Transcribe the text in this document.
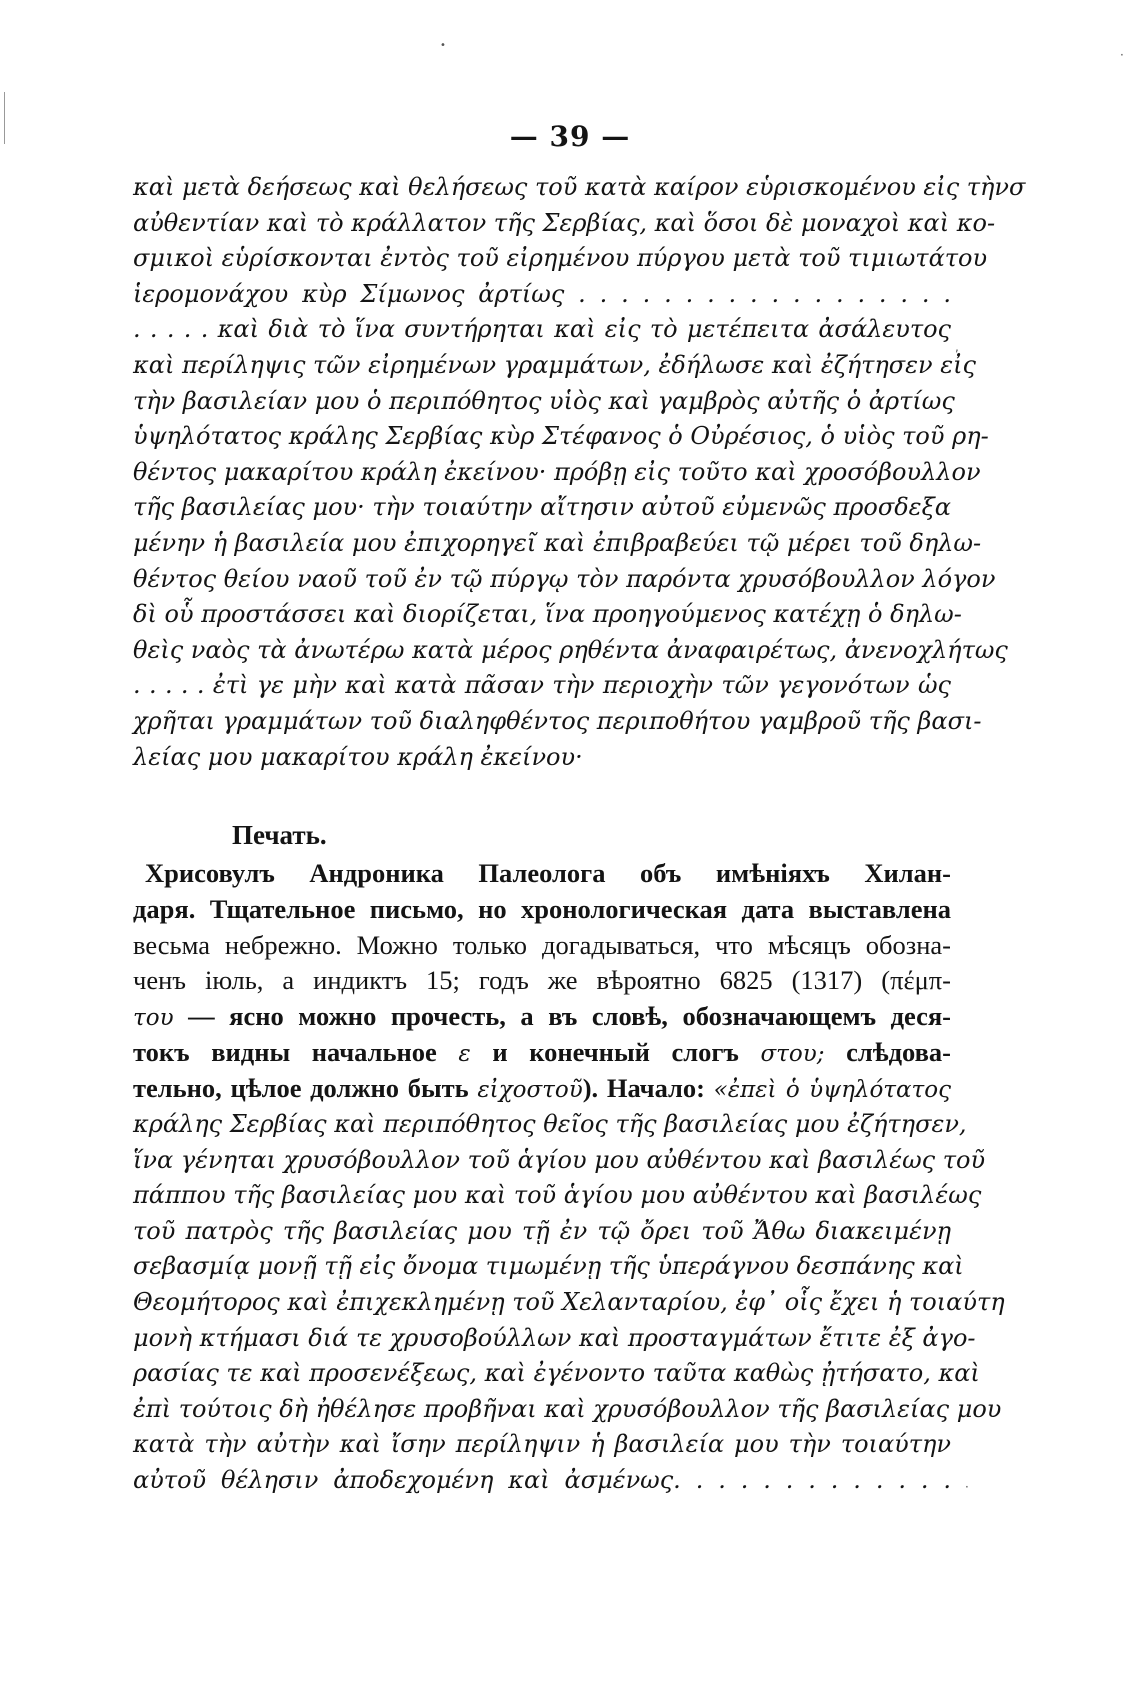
•
·
,
·
— 39 —
καὶ μετὰ δεήσεως καὶ θελήσεως τοῦ κατὰ καίρον εὑρισκομένου εἰς τὴνσ
αὐθεντίαν καὶ τὸ κράλλατον τῆς Σερβίας, καὶ ὅσοι δὲ μοναχοὶ καὶ κο-
σμικοὶ εὑρίσκονται ἐντὸς τοῦ εἰρημένου πύργου μετὰ τοῦ τιμιωτάτου
ἱερομονάχου κὺρ Σίμωνος ἀρτίως . . . . . . . . . . . . . . . . . .
. . . . . καὶ διὰ τὸ ἵνα συντήρηται καὶ εἰς τὸ μετέπειτα ἀσάλευτος
καὶ περίληψις τῶν εἰρημένων γραμμάτων, ἐδήλωσε καὶ ἐζήτησεν εἰς
τὴν βασιλείαν μου ὁ περιπόθητος υἱὸς καὶ γαμβρὸς αὐτῆς ὁ ἀρτίως
ὑψηλότατος κράλης Σερβίας κὺρ Στέφανος ὁ Οὐρέσιος, ὁ υἱὸς τοῦ ρη-
θέντος μακαρίτου κράλη ἐκείνου· πρόβῃ εἰς τοῦτο καὶ χροσόβουλλον
τῆς βασιλείας μου· τὴν τοιαύτην αἴτησιν αὐτοῦ εὐμενῶς προσδεξα
μένην ἡ βασιλεία μου ἐπιχορηγεῖ καὶ ἐπιβραβεύει τῷ μέρει τοῦ δηλω-
θέντος θείου ναοῦ τοῦ ἐν τῷ πύργῳ τὸν παρόντα χρυσόβουλλον λόγον
δὶ οὗ προστάσσει καὶ διορίζεται, ἵνα προηγούμενος κατέχῃ ὁ δηλω-
θεὶς ναὸς τὰ ἀνωτέρω κατὰ μέρος ρηθέντα ἀναφαιρέτως, ἀνενοχλήτως
. . . . . ἐτὶ γε μὴν καὶ κατὰ πᾶσαν τὴν περιοχὴν τῶν γεγονότων ὡς
χρῆται γραμμάτων τοῦ διαληφθέντος περιποθήτου γαμβροῦ τῆς βασι-
λείας μου μακαρίτου κράλη ἐκείνου·
Печать.
Хрисовулъ Андроника Палеолога объ имѣніяхъ Хилан-
даря. Тщательное письмо, но хронологическая дата выставлена
весьма небрежно. Можно только догадываться, что мѣсяцъ обозна-
ченъ іюль, а индиктъ 15; годъ же вѣроятно 6825 (1317) (πέμπ-
του — ясно можно прочесть, а въ словѣ, обозначающемъ деся-
токъ видны начальное ε и конечный слогъ στου; слѣдова-
тельно, цѣлое должно быть εἰχοστοῦ). Начало: «ἐπεὶ ὁ ὑψηλότατος
κράλης Σερβίας καὶ περιπόθητος θεῖος τῆς βασιλείας μου ἐζήτησεν,
ἵνα γένηται χρυσόβουλλον τοῦ ἁγίου μου αὐθέντου καὶ βασιλέως τοῦ
πάππου τῆς βασιλείας μου καὶ τοῦ ἁγίου μου αὐθέντου καὶ βασιλέως
τοῦ πατρὸς τῆς βασιλείας μου τῇ ἐν τῷ ὄρει τοῦ Ἄθω διακειμένῃ
σεβασμίᾳ μονῇ τῇ εἰς ὄνομα τιμωμένῃ τῆς ὑπεράγνου δεσπάνης καὶ
Θεομήτορος καὶ ἐπιχεκλημένῃ τοῦ Χελανταρίου, ἐφ᾽ οἷς ἔχει ἡ τοιαύτη
μονὴ κτήμασι διά τε χρυσοβούλλων καὶ προσταγμάτων ἔτιτε ἐξ ἀγο-
ρασίας τε καὶ προσενέξεως, καὶ ἐγένοντο ταῦτα καθὼς ᾐτήσατο, καὶ
ἐπὶ τούτοις δὴ ἠθέλησε προβῆναι καὶ χρυσόβουλλον τῆς βασιλείας μου
κατὰ τὴν αὐτὴν καὶ ἴσην περίληψιν ἡ βασιλεία μου τὴν τοιαύτην
αὐτοῦ θέλησιν ἀποδεχομένη καὶ ἀσμένως. . . . . . . . . . . . .
